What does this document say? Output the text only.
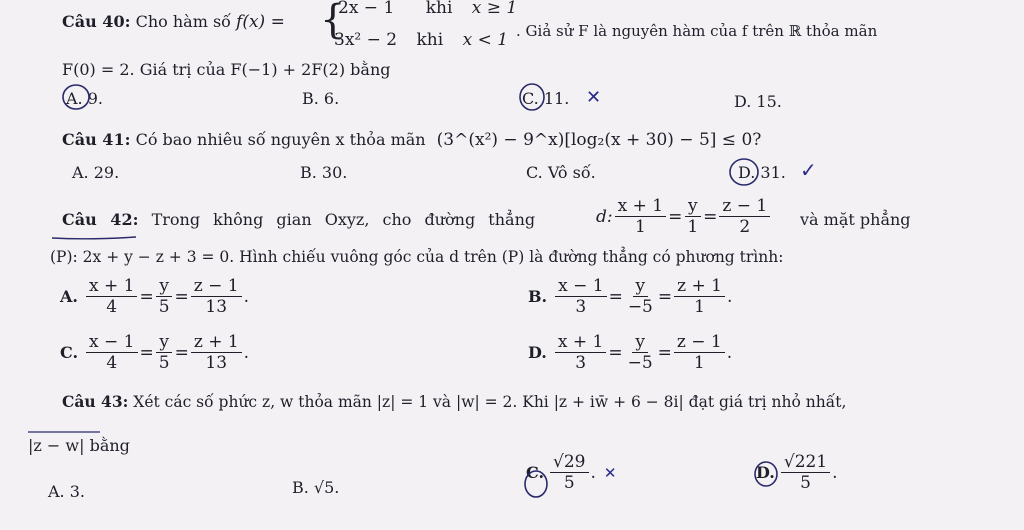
Câu 40: Cho hàm số f(x) = {
2x − 1 khi x ≥ 1
3x² − 2 khi x < 1 . Giả sử F là nguyên hàm của f trên ℝ thỏa mãn
F(0) = 2. Giá trị của F(−1) + 2F(2) bằng
A. 9.	B. 6.	C. 11. ✕	D. 15.
Câu 41: Có bao nhiêu số nguyên x thỏa mãn (3^(x²) − 9^x)[log₂(x + 30) − 5] ≤ 0?
A. 29.	B. 30.	C. Vô số.	D. 31. ✓
Câu 42: Trong không gian Oxyz, cho đường thẳng	d: $\frac{x + 1}{1} = \frac{y}{1} = \frac{z - 1}{2}$ và mặt phẳng
(P): 2x + y − z + 3 = 0. Hình chiếu vuông góc của d trên (P) là đường thẳng có phương trình:
A. $\frac{x + 1}{4} = \frac{y}{5} = \frac{z - 1}{13}$ .	B. $\frac{x - 1}{3} = \frac{y}{-5} = \frac{z + 1}{1}$ .
C. $\frac{x - 1}{4} = \frac{y}{5} = \frac{z + 1}{13}$ .	D. $\frac{x + 1}{3} = \frac{y}{-5} = \frac{z - 1}{1}$ .
Câu 43: Xét các số phức z, w thỏa mãn |z| = 1 và |w| = 2. Khi |z + iw̄ + 6 − 8i| đạt giá trị nhỏ nhất,
|z − w| bằng
A. 3.	B. √5.
C. $\frac{√29}{5}$ . ✕	D. $\frac{√221}{5}$ .
